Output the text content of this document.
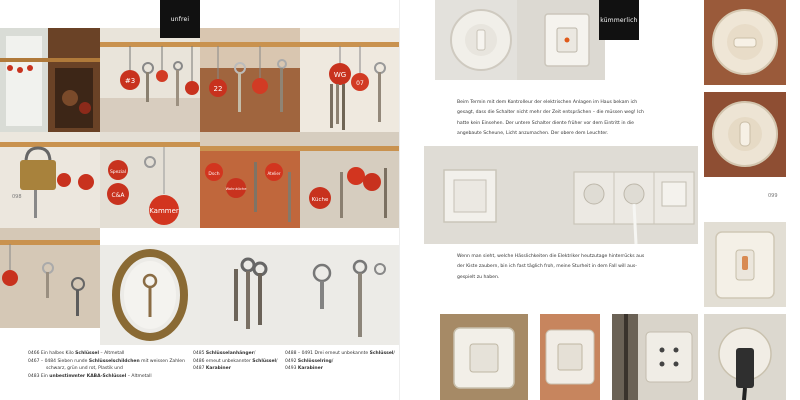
#3
22
WG
07
unfrei
098
Spezial
C&A
Kammer
Dsch
Wohnküche
Atelier
Küche
0466 Ein halbes Kilo Schlüssel – Altmetall
0467 – 0484 Sieben runde Schlüsselschildchen mit weissen Zahlen
schwarz, grün und rot, Plastik und
0483 Ein unbestimmter KABA-Schlüssel – Altmetall
0485 Schlüsselanhänger/
0486 erneut unbekannter Schlüssel/
0487 Karabiner
0488 – 0491 Drei erneut unbekannte Schlüssel/
0492 Schlösselring/
0493 Karabiner
kümmerlich
Beim Termin mit dem Kontrolleur der elektrischen Anlagen im Haus bekam ich gesagt, dass die Schalter nicht mehr der Zeit entsprächen – die müssen weg! Ich hatte kein Einsehen. Der untere Schalter diente früher vor dem Eintritt in die angebaute Scheune, Licht anzumachen. Der obere dem Leuchter.
Wenn man sieht, welche Hässlichkeiten die Elektriker heutzutage hinterrücks aus der Kiste zaubern, bin ich fast täglich froh, meine Sturheit in dem Fall will aus-gespielt zu haben.
099
